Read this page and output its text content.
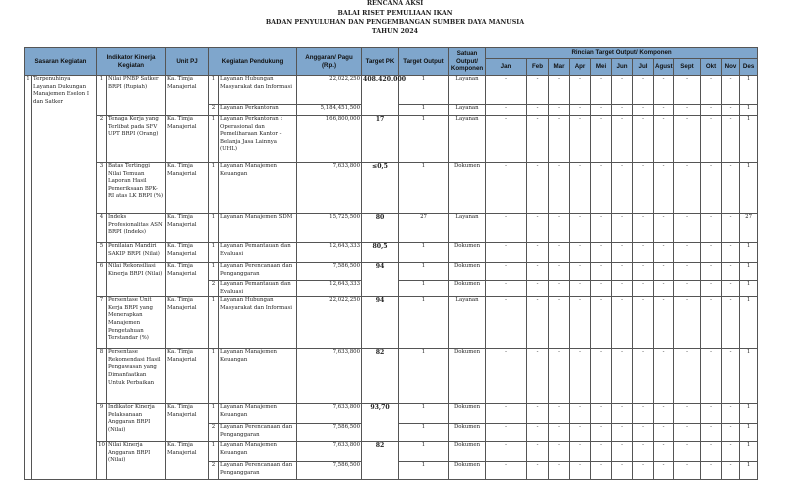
RENCANA AKSI
BALAI RISET PEMULIAAN IKAN
BADAN PENYULUHAN DAN PENGEMBANGAN SUMBER DAYA MANUSIA
TAHUN 2024
Sasaran Kegiatan		Indikator Kinerja Kegiatan		Unit PJ	Kegiatan Pendukung		Anggaran/ Pagu (Rp.)	Target PK	Target Output	Satuan Output/ Komponen	Rincian Target Output/ Komponen											
											Jan	Feb	Mar	Apr	Mei	Jun	Jul	Agust	Sept	Okt	Nov	Des
1	Terpenuhinya Layanan Dukungan Manajemen Eselon I dan Satker	1	Nilai PNBP Satker BRPI (Rupiah)	Ka. Timja Manajerial	1	Layanan Hubungan Masyarakat dan Informasi	22,022,250	408.420.000	1	Layanan	-	-	-	-	-	-	-	-	-	-	-	1
					2	Layanan Perkantoran	5,184,451,500		1	Layanan	-	-	-	-	-	-	-	-	-	-	-	1
		2	Tenaga Kerja yang Terlibat pada SFV UPT BRPI (Orang)	Ka. Timja Manajerial	1	Layanan Perkantoran : Operasional dan Pemeliharaan Kantor - Belanja Jasa Lainnya (UHL)	166,800,000	17	1	Layanan	-	-	-	-	-	-	-	-	-	-	-	1
		3	Batas Tertinggi Nilai Temuan Laporan Hasil Pemeriksaan BPK-RI atas LK BRPI (%)	Ka. Timja Manajerial	1	Layanan Manajemen Keuangan	7,633,800	≤0,5	1	Dokumen	-	-	-	-	-	-	-	-	-	-	-	1
		4	Indeks Profesionalitas ASN BRPI (Indeks)	Ka. Timja Manajerial	1	Layanan Manajemen SDM	15,725,500	80	27	Layanan	-	-	-	-	-	-	-	-	-	-	-	27
		5	Penilaian Mandiri SAKIP BRPI (Nilai)	Ka. Timja Manajerial	1	Layanan Pemantauan dan Evaluasi	12,643,333	80,5	1	Dokumen	-	-	-	-	-	-	-	-	-	-	-	1
		6	Nilai Rekonsiliasi Kinerja BRPI (Nilai)	Ka. Timja Manajerial	1	Layanan Perencanaan dan Penganggaran	7,586,500	94	1	Dokumen	-	-	-	-	-	-	-	-	-	-	-	1
					2	Layanan Pemantauan dan Evaluasi	12,643,333		1	Dokumen	-	-	-	-	-	-	-	-	-	-	-	1
		7	Persentase Unit Kerja BRPI yang Menerapkan Manajemen Pengetahuan Terstandar (%)	Ka. Timja Manajerial	1	Layanan Hubungan Masyarakat dan Informasi	22,022,250	94	1	Layanan	-	-	-	-	-	-	-	-	-	-	-	1
		8	Persentase Rekomendasi Hasil Pengawasan yang Dimanfaatkan Untuk Perbaikan	Ka. Timja Manajerial	1	Layanan Manajemen Keuangan	7,633,800	82	1	Dokumen	-	-	-	-	-	-	-	-	-	-	-	1
		9	Indikator Kinerja Pelaksanaan Anggaran BRPI (Nilai)	Ka. Timja Manajerial	1	Layanan Manajemen Keuangan	7,633,800	93,70	1	Dokumen	-	-	-	-	-	-	-	-	-	-	-	1
					2	Layanan Perencanaan dan Penganggaran	7,586,500		1	Dokumen	-	-	-	-	-	-	-	-	-	-	-	1
		10	Nilai Kinerja Anggaran BRPI (Nilai)	Ka. Timja Manajerial	1	Layanan Manajemen Keuangan	7,633,800	82	1	Dokumen	-	-	-	-	-	-	-	-	-	-	-	1
					2	Layanan Perencanaan dan Penganggaran	7,586,500		1	Dokumen	-	-	-	-	-	-	-	-	-	-	-	1
